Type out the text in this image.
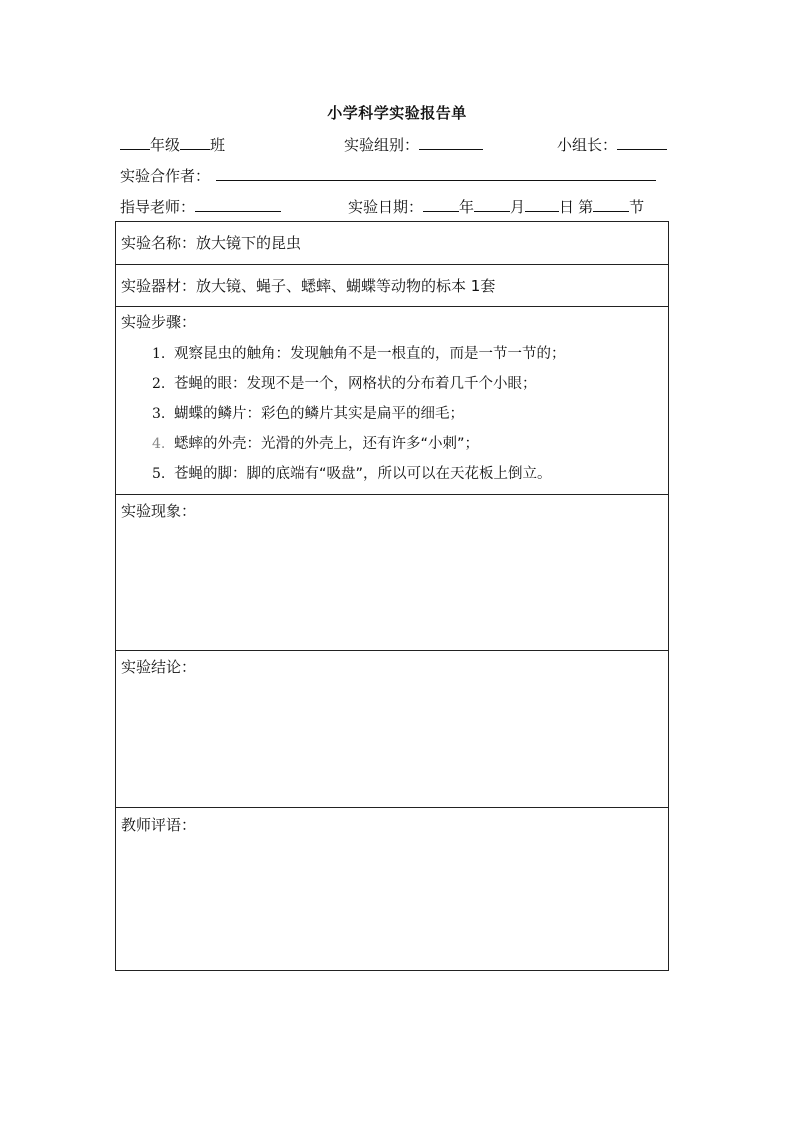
小学科学实验报告单
年级 班	实验组别：	小组长：
实验合作者：
指导老师：	实验日期： 年 月 日 第 节
实验名称：放大镜下的昆虫
实验器材：放大镜、蝇子、蟋蟀、蝴蝶等动物的标本 1套
实验步骤：
1. 观察昆虫的触角：发现触角不是一根直的，而是一节一节的；
2. 苍蝇的眼：发现不是一个，网格状的分布着几千个小眼；
3. 蝴蝶的鳞片：彩色的鳞片其实是扁平的细毛；
4. 蟋蟀的外壳：光滑的外壳上，还有许多“小刺”；
5. 苍蝇的脚：脚的底端有“吸盘”，所以可以在天花板上倒立。
实验现象：
实验结论：
教师评语：
